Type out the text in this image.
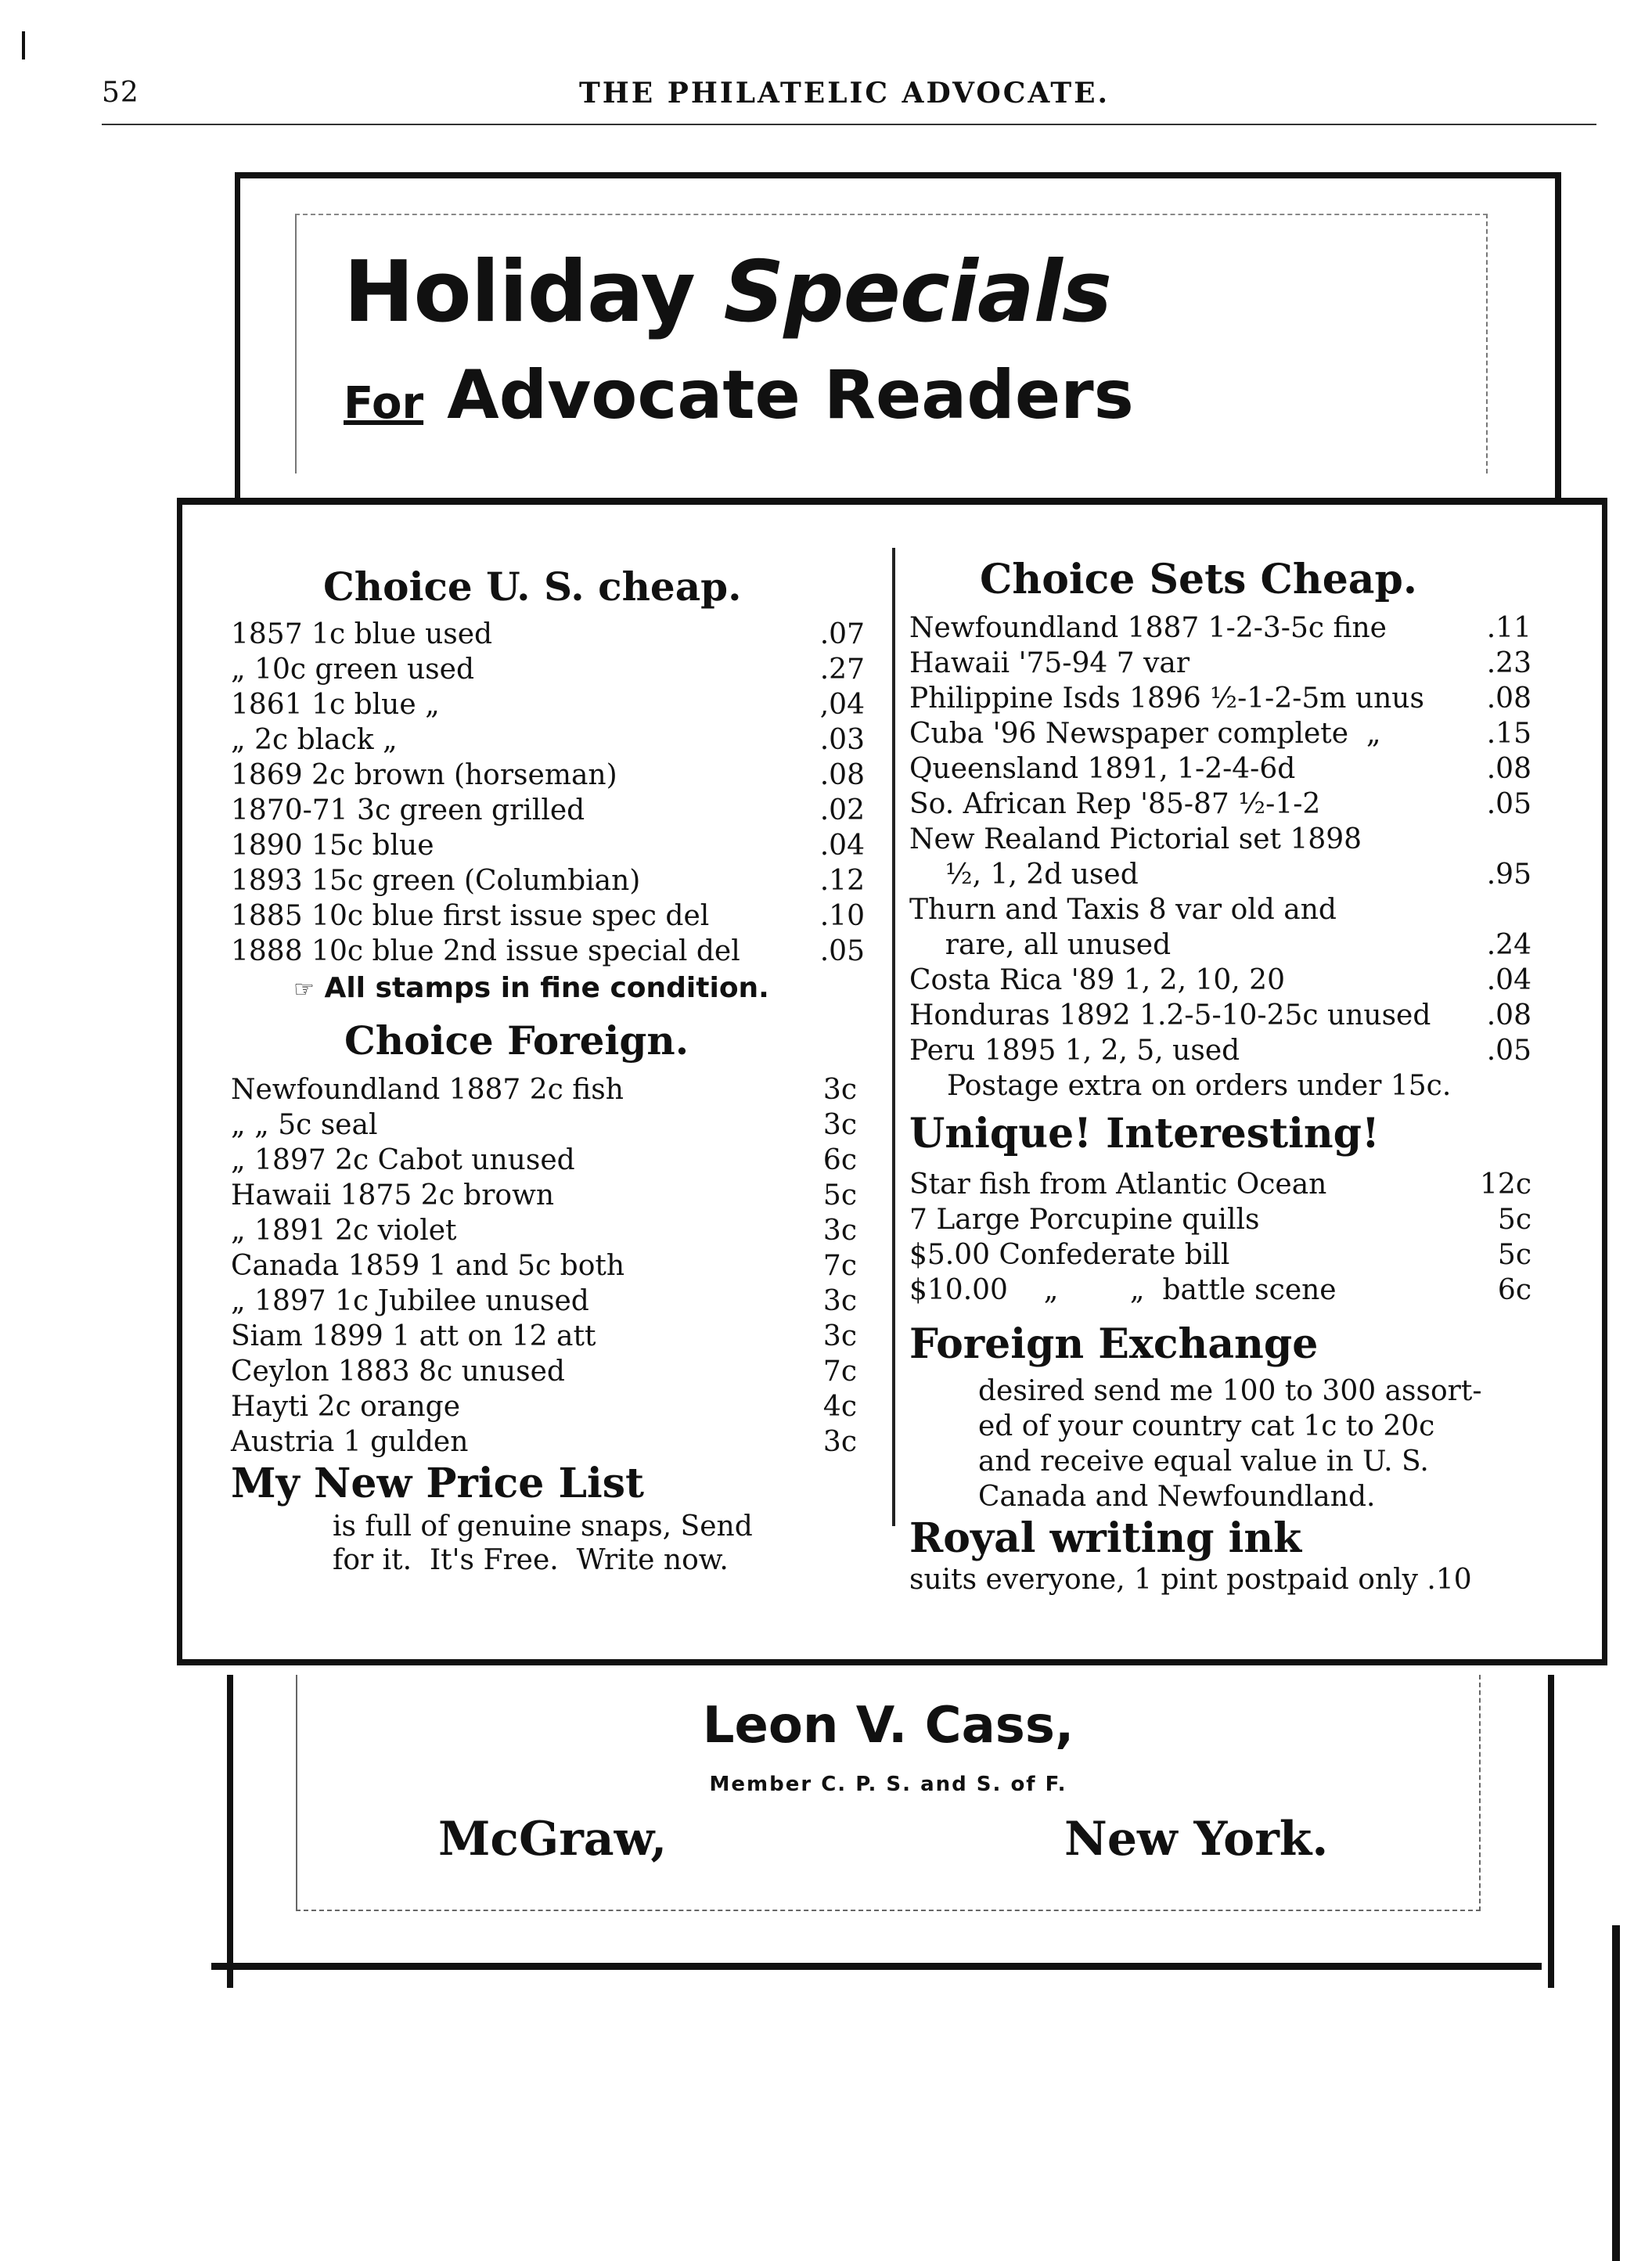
52	THE PHILATELIC ADVOCATE.
Holiday Specials
For Advocate Readers
Choice U. S. cheap.
1857 1c blue used	.07
„ 10c green used	.27
1861 1c blue „	,04
„ 2c black „	.03
1869 2c brown (horseman)	.08
1870-71 3c green grilled	.02
1890 15c blue	.04
1893 15c green (Columbian)	.12
1885 10c blue first issue spec del	.10
1888 10c blue 2nd issue special del	.05
☞ All stamps in fine condition.
Choice Foreign.
Newfoundland 1887 2c fish	3c
„ „ 5c seal	3c
„ 1897 2c Cabot unused	6c
Hawaii 1875 2c brown	5c
„ 1891 2c violet	3c
Canada 1859 1 and 5c both	7c
„ 1897 1c Jubilee unused	3c
Siam 1899 1 att on 12 att	3c
Ceylon 1883 8c unused	7c
Hayti 2c orange	4c
Austria 1 gulden	3c
My New Price List
is full of genuine snaps, Send
for it.  It's Free.  Write now.
Choice Sets Cheap.
Newfoundland 1887 1-2-3-5c fine	.11
Hawaii '75-94 7 var	.23
Philippine Isds 1896 ½-1-2-5m unus .08
Cuba '96 Newspaper complete  „	.15
Queensland 1891, 1-2-4-6d	.08
So. African Rep '85-87 ½-1-2	.05
New Realand Pictorial set 1898
½, 1, 2d used	.95
Thurn and Taxis 8 var old and
rare, all unused	.24
Costa Rica '89 1, 2, 10, 20	.04
Honduras 1892 1.2-5-10-25c unused .08
Peru 1895 1, 2, 5, used	.05
Postage extra on orders under 15c.
Unique! Interesting!
Star fish from Atlantic Ocean	12c
7 Large Porcupine quills	5c
$5.00 Confederate bill	5c
$10.00    „        „  battle scene	6c
Foreign Exchange
desired send me 100 to 300 assort-
ed of your country cat 1c to 20c
and receive equal value in U. S.
Canada and Newfoundland.
Royal writing ink
suits everyone, 1 pint postpaid only .10
Leon V. Cass,
Member C. P. S. and S. of F.
McGraw,	New York.
